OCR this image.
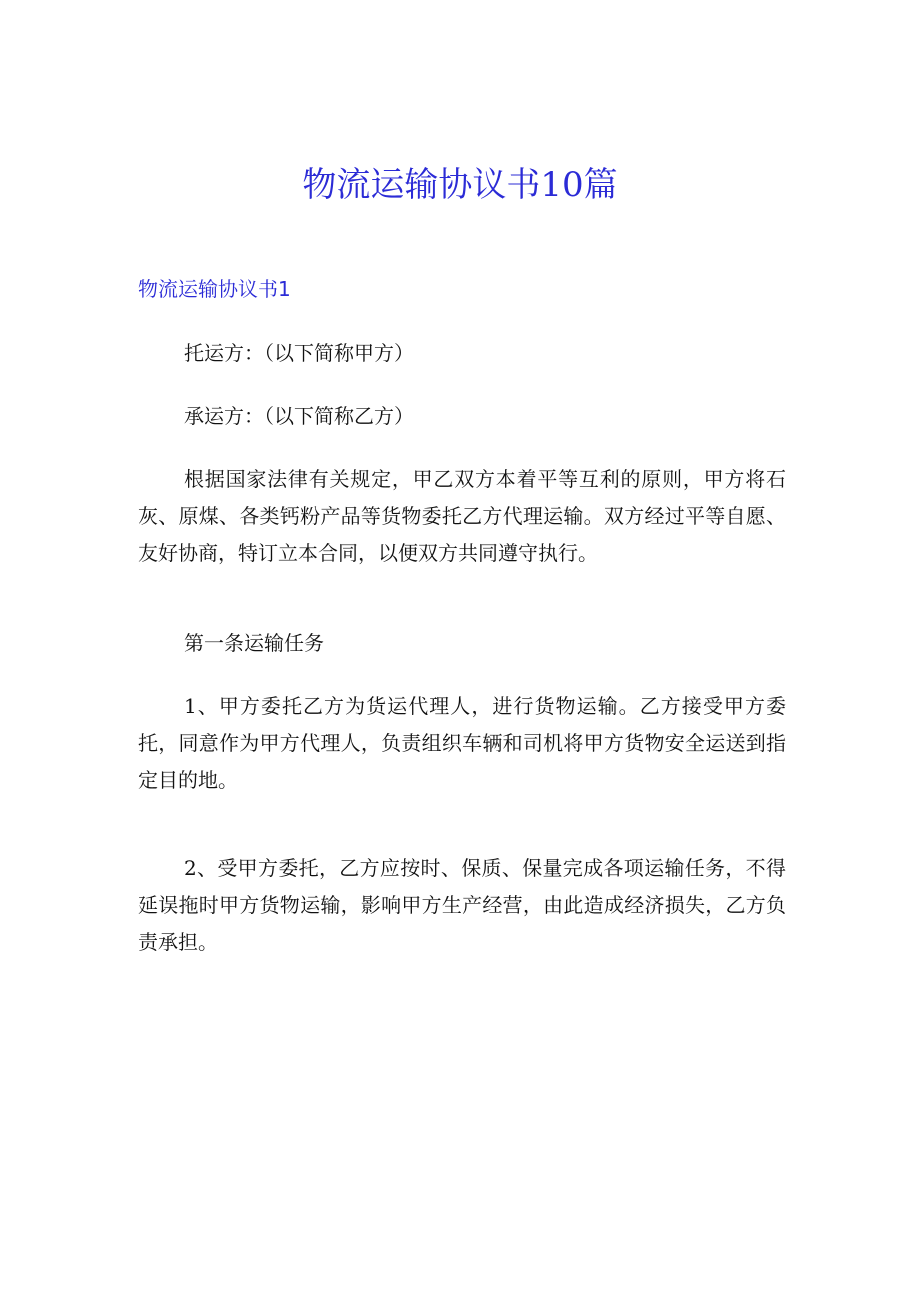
物流运输协议书10篇
物流运输协议书1

托运方：（以下简称甲方）

承运方：（以下简称乙方）

根据国家法律有关规定，甲乙双方本着平等互利的原则，甲方将石灰、原煤、各类钙粉产品等货物委托乙方代理运输。双方经过平等自愿、友好协商，特订立本合同，以便双方共同遵守执行。

第一条运输任务

1、甲方委托乙方为货运代理人，进行货物运输。乙方接受甲方委托，同意作为甲方代理人，负责组织车辆和司机将甲方货物安全运送到指定目的地。

2、受甲方委托，乙方应按时、保质、保量完成各项运输任务，不得延误拖时甲方货物运输，影响甲方生产经营，由此造成经济损失，乙方负责承担。
